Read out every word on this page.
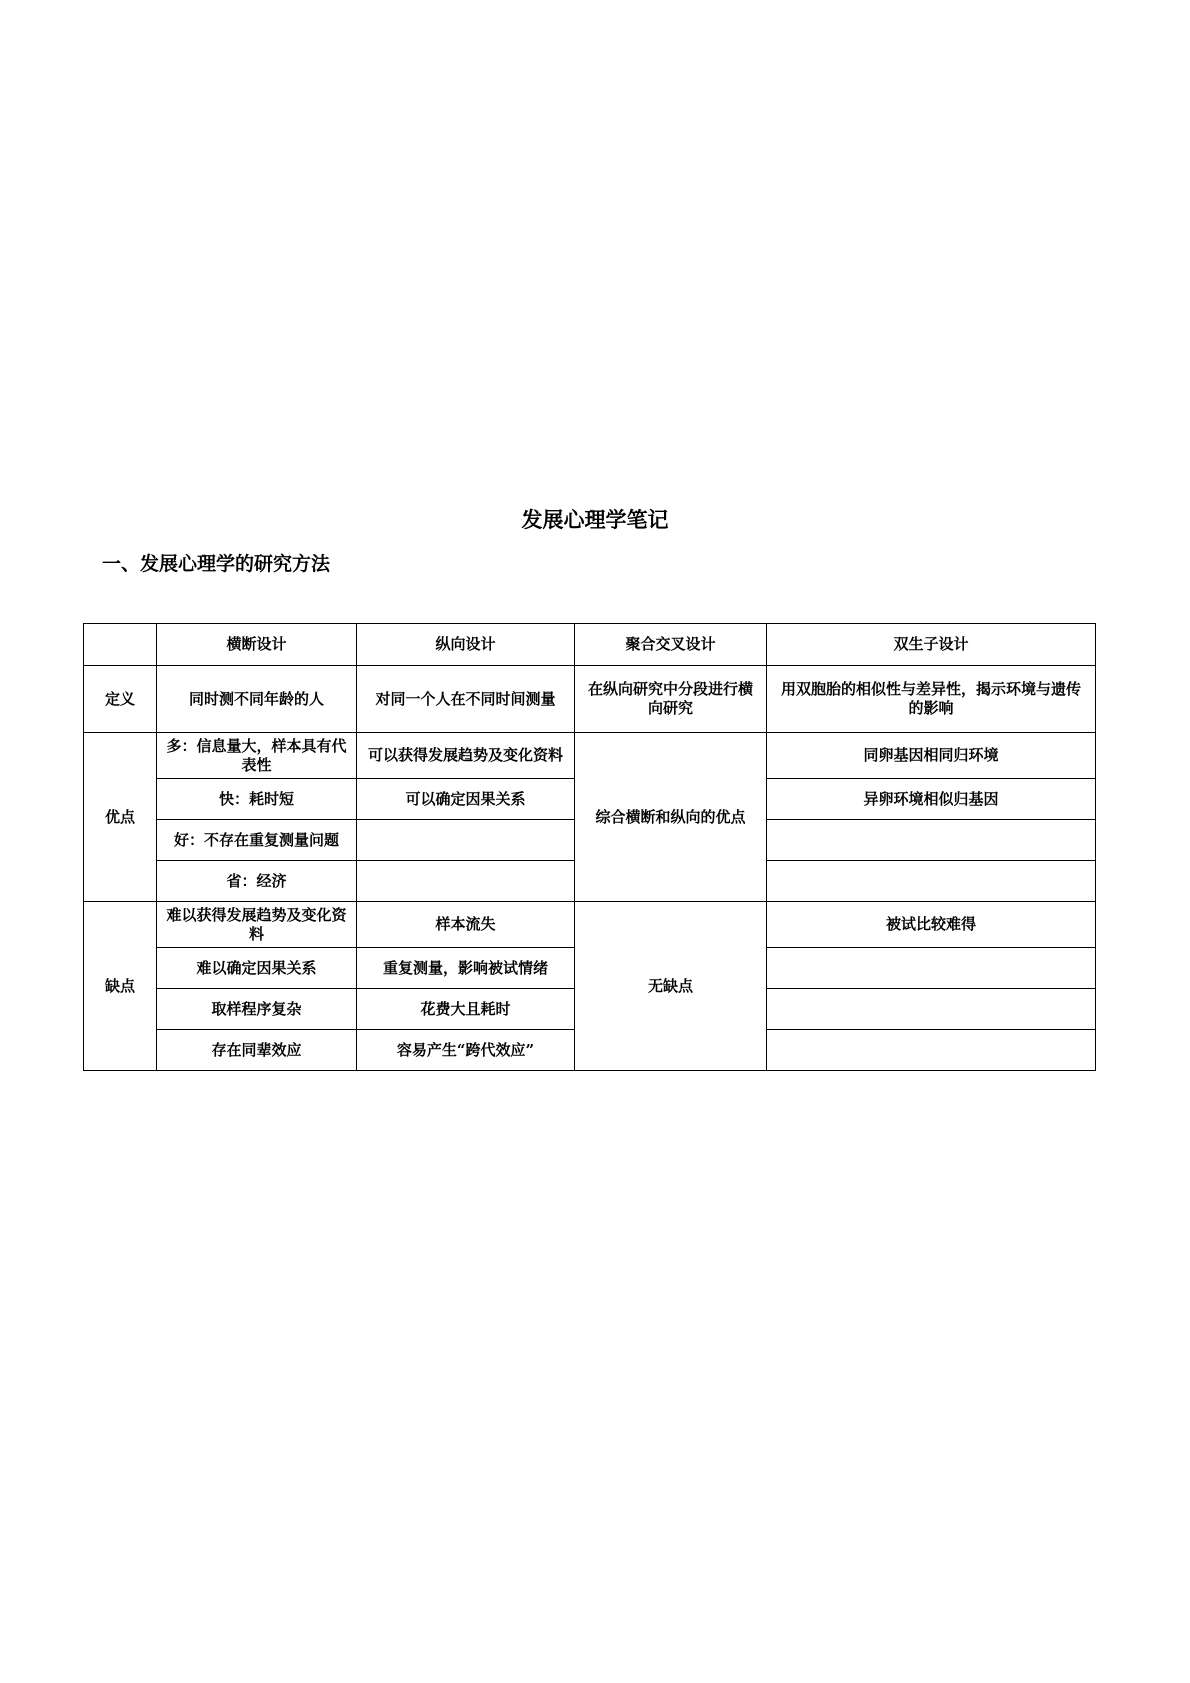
发展心理学笔记
一、发展心理学的研究方法
	横断设计	纵向设计	聚合交叉设计	双生子设计
定义	同时测不同年龄的人	对同一个人在不同时间测量	在纵向研究中分段进行横向研究	用双胞胎的相似性与差异性，揭示环境与遗传的影响
优点	多：信息量大，样本具有代表性	可以获得发展趋势及变化资料	综合横断和纵向的优点	同卵基因相同归环境
	快：耗时短	可以确定因果关系		异卵环境相似归基因
	好：不存在重复测量问题			
	省：经济			
缺点	难以获得发展趋势及变化资料	样本流失	无缺点	被试比较难得
	难以确定因果关系	重复测量，影响被试情绪		
	取样程序复杂	花费大且耗时		
	存在同辈效应	容易产生“跨代效应”		
